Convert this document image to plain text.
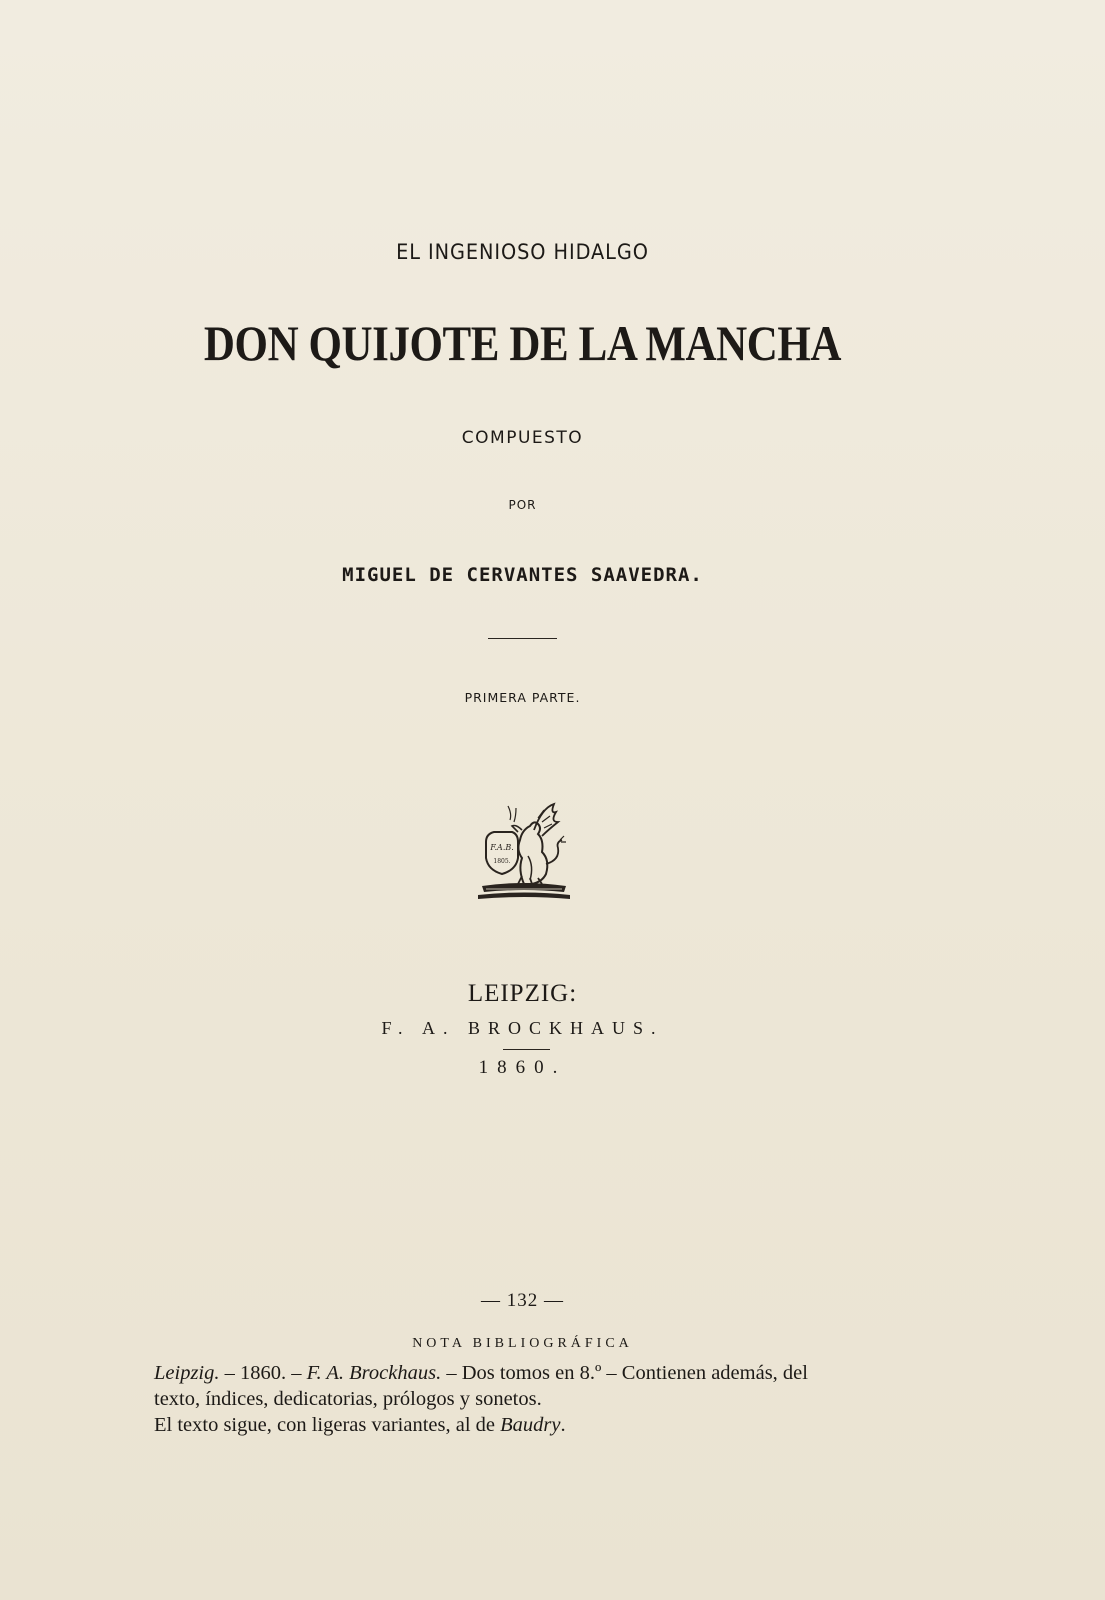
EL INGENIOSO HIDALGO
DON QUIJOTE DE LA MANCHA
COMPUESTO
POR
MIGUEL DE CERVANTES SAAVEDRA.
PRIMERA PARTE.
F.A.B.
1805.
LEIPZIG:
F. A. BROCKHAUS.
1860.
— 132 —
NOTA BIBLIOGRÁFICA
Leipzig. – 1860. – F. A. Brockhaus. – Dos tomos en 8.º – Contienen además, del
texto, índices, dedicatorias, prólogos y sonetos.
El texto sigue, con ligeras variantes, al de Baudry.
